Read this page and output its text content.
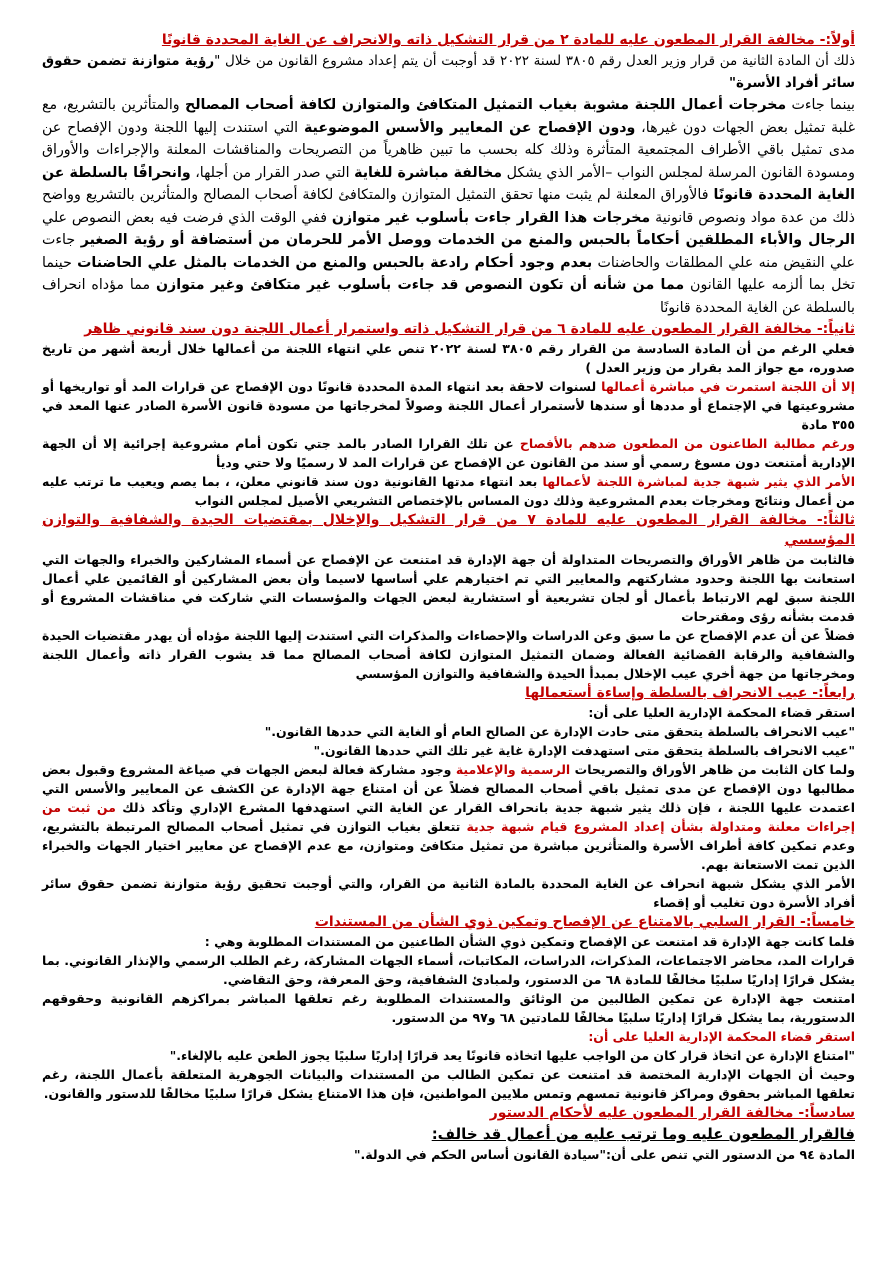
أولاً:- مخالفة القرار المطعون عليه للمادة ٢ من قرار التشكيل ذاته والانحراف عن الغاية المحددة قانونًا

ذلك أن المادة الثانية من قرار وزير العدل رقم ٣٨٠٥ لسنة ٢٠٢٢ قد أوجبت أن يتم إعداد مشروع القانون من خلال "رؤية متوازنة تضمن حقوق سائر أفراد الأسرة"

بينما جاءت مخرجات أعمال اللجنة مشوبة بغياب التمثيل المتكافئ والمتوازن لكافة أصحاب المصالح والمتأثرين بالتشريع، مع غلبة تمثيل بعض الجهات دون غيرها، ودون الإفصاح عن المعايير والأسس الموضوعية التي استندت إليها اللجنة ودون الإفصاح عن مدى تمثيل باقي الأطراف المجتمعية المتأثرة وذلك كله بحسب ما تبين ظاهرياً من التصريحات والمناقشات المعلنة والإجراءات والأوراق ومسودة القانون المرسلة لمجلس النواب –الأمر الذي يشكل مخالفة مباشرة للغاية التي صدر القرار من أجلها، وانحرافًا بالسلطة عن الغاية المحددة قانونًا فالأوراق المعلنة لم يثبت منها تحقق التمثيل المتوازن والمتكافئ لكافة أصحاب المصالح والمتأثرين بالتشريع وواضح ذلك من عدة مواد ونصوص قانونية مخرجات هذا القرار جاءت بأسلوب غير متوازن ففي الوقت الذي فرضت فيه بعض النصوص علي الرجال والأباء المطلقين أحكاماً بالحبس والمنع من الخدمات ووصل الأمر للحرمان من أستضافة أو رؤية الصغير جاءت علي النقيض منه علي المطلقات والحاضنات بعدم وجود أحكام رادعة بالحبس والمنع من الخدمات بالمثل علي الحاضنات حينما تخل بما ألزمه عليها القانون مما من شأنه أن تكون النصوص قد جاءت بأسلوب غير متكافئ وغير متوازن مما مؤداه انحراف بالسلطة عن الغاية المحددة قانونًا

ثانياً:- مخالفة القرار المطعون عليه للمادة ٦ من قرار التشكيل ذاته واستمرار أعمال اللجنة دون سند قانوني ظاهر

فعلي الرغم من أن المادة السادسة من القرار رقم ٣٨٠٥ لسنة ٢٠٢٢ تنص علي انتهاء اللجنة من أعمالها خلال أربعة أشهر من تاريخ صدوره، مع جواز المد بقرار من وزير العدل )

إلا أن اللجنة استمرت في مباشرة أعمالها لسنوات لاحقة بعد انتهاء المدة المحددة قانونًا دون الإفصاح عن قرارات المد أو تواريخها أو مشروعيتها في الإجتماع أو مددها أو سندها لأستمرار أعمال اللجنة وصولاً لمخرجاتها من مسودة قانون الأسرة الصادر عنها المعد في ٣٥٥ مادة

ورغم مطالبة الطاعنون من المطعون ضدهم بالأفصاح عن تلك القرارا الصادر بالمد جتي تكون أمام مشروعية إجرائية إلا أن الجهة الإدارية أمتنعت دون مسوغ رسمي أو سند من القانون عن الإفصاح عن قرارات المد لا رسميًا ولا حتي وديأ

الأمر الذي يثير شبهة جدية لمباشرة اللجنة لأعمالها بعد انتهاء مدتها القانونية دون سند قانوني معلن، ، بما يصم ويعيب ما ترتب عليه من أعمال ونتائج ومخرجات بعدم المشروعية وذلك دون المساس بالإختصاص التشريعي الأصيل لمجلس النواب

ثالثاً:- مخالفة القرار المطعون عليه للمادة ٧ من قرار التشكيل والإخلال بمقتضيات الحيدة والشفافية والتوازن المؤسسي

فالثابت من ظاهر الأوراق والتصريحات المتداولة أن جهة الإدارة قد امتنعت عن الإفصاح عن أسماء المشاركين والخبراء والجهات التي استعانت بها اللجنة وحدود مشاركتهم والمعايير التي تم اختيارهم علي أساسها لاسيما وأن بعض المشاركين أو القائمين علي أعمال اللجنة سبق لهم الارتباط بأعمال أو لجان تشريعية أو استشارية لبعض الجهات والمؤسسات التي شاركت في مناقشات المشروع أو قدمت بشأنه رؤى ومقترحات

فضلاً عن أن عدم الإفصاح عن ما سبق وعن الدراسات والإحصاءات والمذكرات التي استندت إليها اللجنة مؤداه أن يهدر مقتضيات الحيدة والشفافية والرقابة القضائية الفعالة وضمان التمثيل المتوازن لكافة أصحاب المصالح مما قد يشوب القرار ذاته وأعمال اللجنة ومخرجاتها من جهة أخري عيب الإخلال بمبدأ الحيدة والشفافية والتوازن المؤسسي

رابعاً:- عيب الانحراف بالسلطة وإساءة أستعمالها

استقر قضاء المحكمة الإدارية العليا على أن:

"عيب الانحراف بالسلطة يتحقق متى حادت الإدارة عن الصالح العام أو الغاية التي حددها القانون."

"عيب الانحراف بالسلطة يتحقق متى استهدفت الإدارة غاية غير تلك التي حددها القانون."

ولما كان الثابت من ظاهر الأوراق والتصريحات الرسمية والإعلامية وجود مشاركة فعالة لبعض الجهات في صياغة المشروع وقبول بعض مطالبها دون الإفصاح عن مدى تمثيل باقي أصحاب المصالح فضلاً عن أن امتناع جهة الإدارة عن الكشف عن المعايير والأسس التي اعتمدت عليها اللجنة ، فإن ذلك يثير شبهة جدية بانحراف القرار عن الغاية التي استهدفها المشرع الإداري وتأكد ذلك من ثبت من إجراءات معلنة ومتداولة بشأن إعداد المشروع قيام شبهة جدية تتعلق بغياب التوازن في تمثيل أصحاب المصالح المرتبطة بالتشريع، وعدم تمكين كافة أطراف الأسرة والمتأثرين مباشرة من تمثيل متكافئ ومتوازن، مع عدم الإفصاح عن معايير اختيار الجهات والخبراء الذين تمت الاستعانة بهم.

الأمر الذي يشكل شبهة انحراف عن الغاية المحددة بالمادة الثانية من القرار، والتي أوجبت تحقيق رؤية متوازنة تضمن حقوق سائر أفراد الأسرة دون تغليب أو إقصاء

خامساً:- القرار السلبي بالامتناع عن الإفصاح وتمكين ذوي الشأن من المستندات

فلما كانت جهة الإدارة قد امتنعت عن الإفصاح وتمكين ذوي الشأن الطاعنين من المستندات المطلوبة وهي :

قرارات المد، محاضر الاجتماعات، المذكرات، الدراسات، المكاتبات، أسماء الجهات المشاركة، رغم الطلب الرسمي والإنذار القانوني. بما يشكل قرارًا إداريًا سلبيًا مخالفًا للمادة ٦٨ من الدستور، ولمبادئ الشفافية، وحق المعرفة، وحق التقاضي.

امتنعت جهة الإدارة عن تمكين الطالبين من الوثائق والمستندات المطلوبة رغم تعلقها المباشر بمراكزهم القانونية وحقوقهم الدستورية، بما يشكل قرارًا إداريًا سلبيًا مخالفًا للمادتين ٦٨ و٩٧ من الدستور.

استقر قضاء المحكمة الإدارية العليا على أن:

"امتناع الإدارة عن اتخاذ قرار كان من الواجب عليها اتخاذه قانونًا يعد قرارًا إداريًا سلبيًا يجوز الطعن عليه بالإلغاء."

وحيث أن الجهات الإدارية المختصة قد امتنعت عن تمكين الطالب من المستندات والبيانات الجوهرية المتعلقة بأعمال اللجنة، رغم تعلقها المباشر بحقوق ومراكز قانونية تمسهم وتمس ملايين المواطنين، فإن هذا الامتناع يشكل قرارًا سلبيًا مخالفًا للدستور والقانون.

سادساً:- مخالفة القرار المطعون عليه لأحكام الدستور

فالقرار المطعون عليه وما ترتب عليه من أعمال قد خالف:

المادة ٩٤ من الدستور التي تنص على أن:"سيادة القانون أساس الحكم في الدولة."
